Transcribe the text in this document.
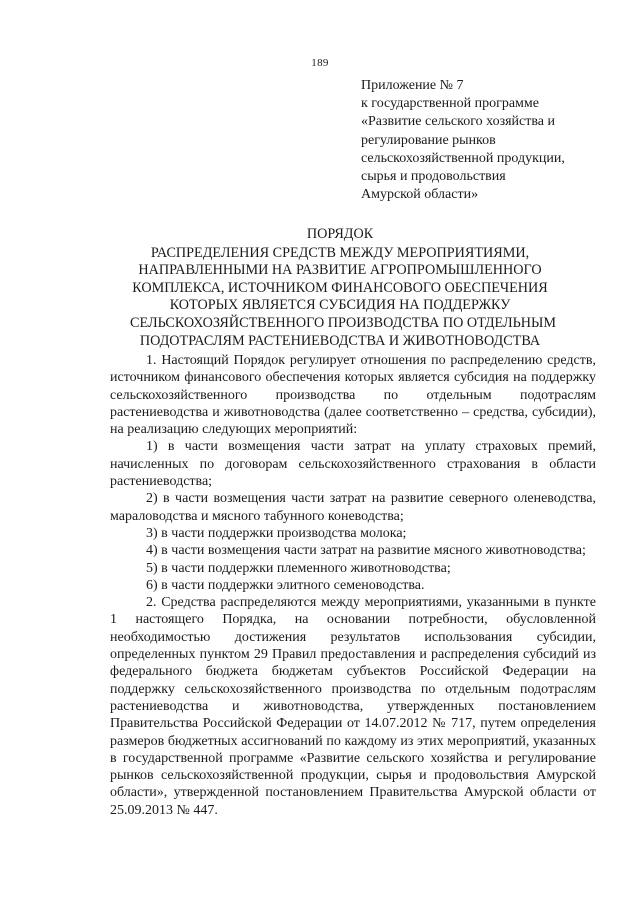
189
Приложение № 7
к государственной программе
«Развитие сельского хозяйства и
регулирование рынков
сельскохозяйственной продукции,
сырья и продовольствия
Амурской области»
ПОРЯДОК
РАСПРЕДЕЛЕНИЯ СРЕДСТВ МЕЖДУ МЕРОПРИЯТИЯМИ,
НАПРАВЛЕННЫМИ НА РАЗВИТИЕ АГРОПРОМЫШЛЕННОГО
КОМПЛЕКСА, ИСТОЧНИКОМ ФИНАНСОВОГО ОБЕСПЕЧЕНИЯ
КОТОРЫХ ЯВЛЯЕТСЯ СУБСИДИЯ НА ПОДДЕРЖКУ
СЕЛЬСКОХОЗЯЙСТВЕННОГО ПРОИЗВОДСТВА ПО ОТДЕЛЬНЫМ
ПОДОТРАСЛЯМ РАСТЕНИЕВОДСТВА И ЖИВОТНОВОДСТВА

1. Настоящий Порядок регулирует отношения по распределению средств, источником финансового обеспечения которых является субсидия на поддержку сельскохозяйственного производства по отдельным подотраслям растениеводства и животноводства (далее соответственно – средства, субсидии), на реализацию следующих мероприятий:

1) в части возмещения части затрат на уплату страховых премий, начисленных по договорам сельскохозяйственного страхования в области растениеводства;

2) в части возмещения части затрат на развитие северного оленеводства, мараловодства и мясного табунного коневодства;

3) в части поддержки производства молока;

4) в части возмещения части затрат на развитие мясного животноводства;

5) в части поддержки племенного животноводства;

6) в части поддержки элитного семеноводства.

2. Средства распределяются между мероприятиями, указанными в пункте 1 настоящего Порядка, на основании потребности, обусловленной необходимостью достижения результатов использования субсидии, определенных пунктом 29 Правил предоставления и распределения субсидий из федерального бюджета бюджетам субъектов Российской Федерации на поддержку сельскохозяйственного производства по отдельным подотраслям растениеводства и животноводства, утвержденных постановлением Правительства Российской Федерации от 14.07.2012 № 717, путем определения размеров бюджетных ассигнований по каждому из этих мероприятий, указанных в государственной программе «Развитие сельского хозяйства и регулирование рынков сельскохозяйственной продукции, сырья и продовольствия Амурской области», утвержденной постановлением Правительства Амурской области от 25.09.2013 № 447.
